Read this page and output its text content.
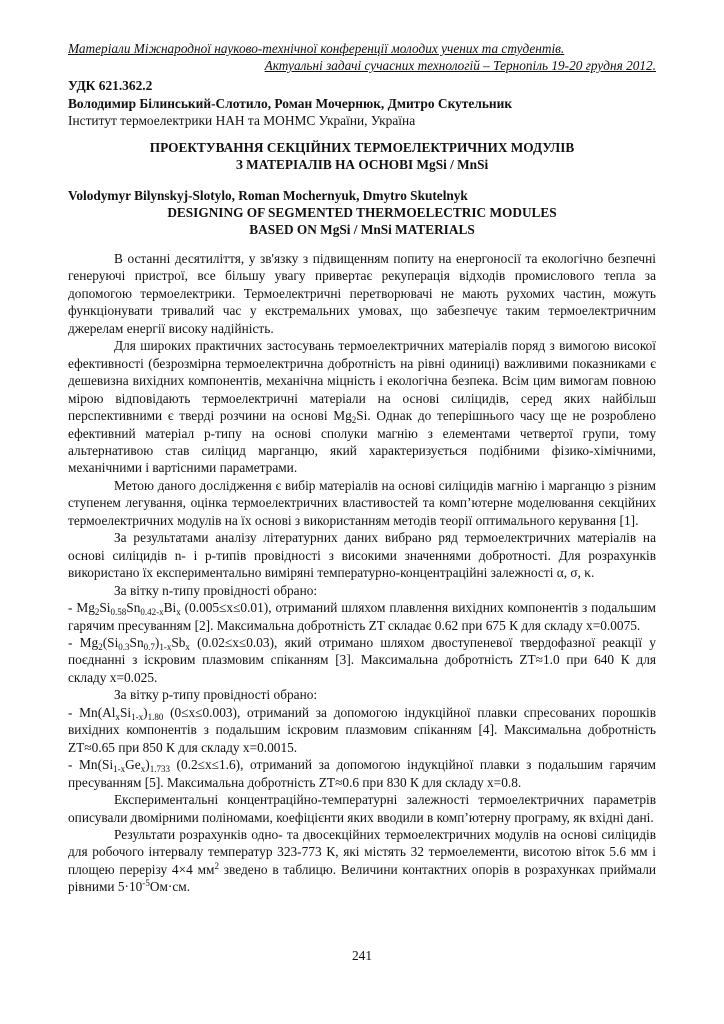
Матеріали Міжнародної науково-технічної конференції молодих учених та студентів.
Актуальні задачі сучасних технологій – Тернопіль 19-20 грудня 2012.
УДК 621.362.2
Володимир Білинський-Слотило, Роман Мочернюк, Дмитро Скутельник
Інститут термоелектрики НАН та МОНМС України, Україна
ПРОЕКТУВАННЯ СЕКЦІЙНИХ ТЕРМОЕЛЕКТРИЧНИХ МОДУЛІВ
З МАТЕРІАЛІВ НА ОСНОВІ MgSi / MnSi
Volodymyr Bilynskyj-Slotylo, Roman Mochernyuk, Dmytro Skutelnyk
DESIGNING OF SEGMENTED THERMOELECTRIC MODULES
BASED ON MgSi / MnSi MATERIALS

В останні десятиліття, у зв'язку з підвищенням попиту на енергоносії та екологічно безпечні генеруючі пристрої, все більшу увагу привертає рекуперація відходів промислового тепла за допомогою термоелектрики. Термоелектричні перетворювачі не мають рухомих частин, можуть функціонувати тривалий час у екстремальних умовах, що забезпечує таким термоелектричним джерелам енергії високу надійність.

Для широких практичних застосувань термоелектричних матеріалів поряд з вимогою високої ефективності (безрозмірна термоелектрична добротність на рівні одиниці) важливими показниками є дешевизна вихідних компонентів, механічна міцність і екологічна безпека. Всім цим вимогам повною мірою відповідають термоелектричні матеріали на основі силіцидів, серед яких найбільш перспективними є тверді розчини на основі $Mg_2Si$. Однак до теперішнього часу ще не розроблено ефективний матеріал p-типу на основі сполуки магнію з елементами четвертої групи, тому альтернативою став силіцид марганцю, який характеризується подібними фізико-хімічними, механічними і вартісними параметрами.

Метою даного дослідження є вибір матеріалів на основі силіцидів магнію і марганцю з різним ступенем легування, оцінка термоелектричних властивостей та комп’ютерне моделювання секційних термоелектричних модулів на їх основі з використанням методів теорії оптимального керування [1].

За результатами аналізу літературних даних вибрано ряд термоелектричних матеріалів на основі силіцидів n- і p-типів провідності з високими значеннями добротності. Для розрахунків використано їх експериментально виміряні температурно-концентраційні залежності α, σ, κ.

За вітку n-типу провідності обрано:

- $Mg_2Si_{0.58}Sn_{0.42-x}Bi_x$ (0.005≤x≤0.01), отриманий шляхом плавлення вихідних компонентів з подальшим гарячим пресуванням [2]. Максимальна добротність ZT складає 0.62 при 675 К для складу x=0.0075.

- $Mg_2(Si_{0.3}Sn_{0.7})_{1-x}Sb_x$ (0.02≤x≤0.03), який отримано шляхом двоступеневої твердофазної реакції у поєднанні з іскровим плазмовим спіканням [3]. Максимальна добротність ZT≈1.0 при 640 К для складу x=0.025.

За вітку p-типу провідності обрано:

- $Mn(Al_xSi_{1-x})_{1.80}$ (0≤x≤0.003), отриманий за допомогою індукційної плавки спресованих порошків вихідних компонентів з подальшим іскровим плазмовим спіканням [4]. Максимальна добротність ZT≈0.65 при 850 К для складу x=0.0015.

- $Mn(Si_{1-x}Ge_x)_{1.733}$ (0.2≤x≤1.6), отриманий за допомогою індукційної плавки з подальшим гарячим пресуванням [5]. Максимальна добротність ZT≈0.6 при 830 К для складу x=0.8.

Експериментальні концентраційно-температурні залежності термоелектричних параметрів описували двомірними поліномами, коефіцієнти яких вводили в комп’ютерну програму, як вхідні дані.

Результати розрахунків одно- та двосекційних термоелектричних модулів на основі силіцидів для робочого інтервалу температур 323-773 К, які містять 32 термоелементи, висотою віток 5.6 мм і площею перерізу 4×4 $мм^2$ зведено в таблицю. Величини контактних опорів в розрахунках приймали рівними $5\cdot 10^{-5}Ом\cdot см$.

241
